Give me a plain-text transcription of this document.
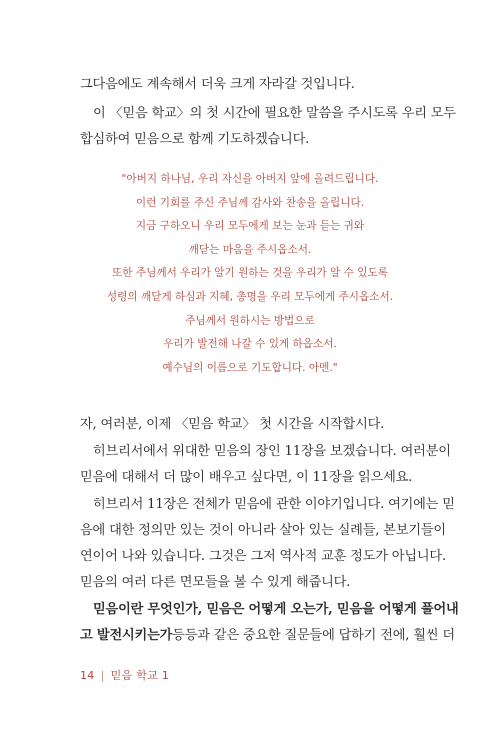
그다음에도 계속해서 더욱 크게 자라갈 것입니다.

이 〈믿음 학교〉의 첫 시간에 필요한 말씀을 주시도록 우리 모두

합심하여 믿음으로 함께 기도하겠습니다.

"아버지 하나님, 우리 자신을 아버지 앞에 올려드립니다.
이런 기회를 주신 주님께 감사와 찬송을 올립니다.
지금 구하오니 우리 모두에게 보는 눈과 듣는 귀와
깨닫는 마음을 주시옵소서.
또한 주님께서 우리가 알기 원하는 것을 우리가 알 수 있도록
성령의 깨닫게 하심과 지혜, 총명을 우리 모두에게 주시옵소서.
주님께서 원하시는 방법으로
우리가 발전해 나갈 수 있게 하옵소서.
예수님의 이름으로 기도합니다. 아멘."

자, 여러분, 이제 〈믿음 학교〉 첫 시간을 시작합시다.

히브리서에서 위대한 믿음의 장인 11장을 보겠습니다. 여러분이

믿음에 대해서 더 많이 배우고 싶다면, 이 11장을 읽으세요.

히브리서 11장은 전체가 믿음에 관한 이야기입니다. 여기에는 믿

음에 대한 정의만 있는 것이 아니라 살아 있는 실례들, 본보기들이

연이어 나와 있습니다. 그것은 그저 역사적 교훈 정도가 아닙니다.

믿음의 여러 다른 면모들을 볼 수 있게 해줍니다.

믿음이란 무엇인가, 믿음은 어떻게 오는가, 믿음을 어떻게 풀어내

고 발전시키는가등등과 같은 중요한 질문들에 답하기 전에, 훨씬 더

14 | 믿음 학교 1
